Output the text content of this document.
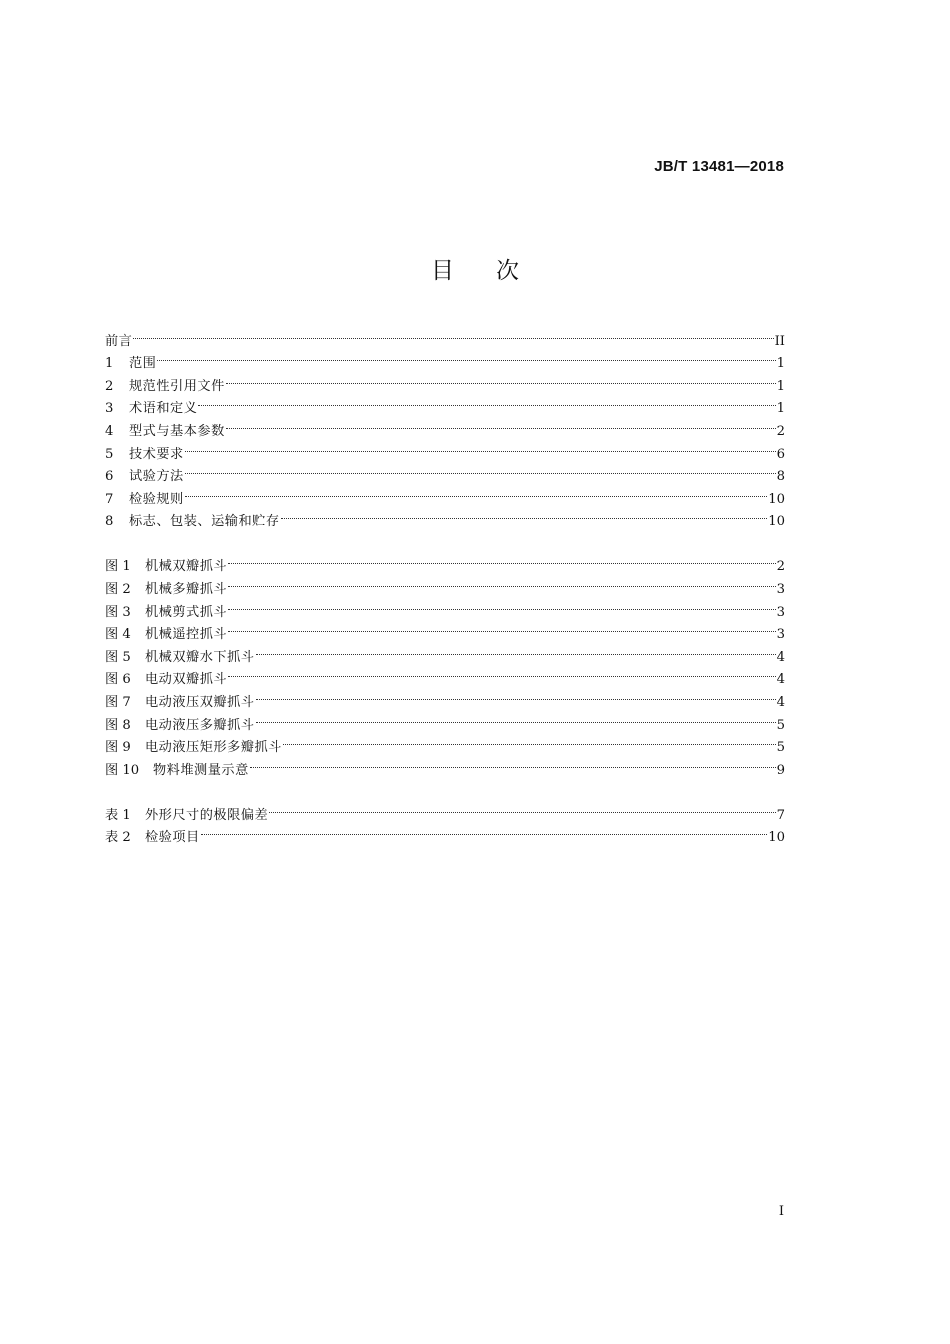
JB/T 13481—2018
目次
前言	II
1	范围	1
2	规范性引用文件	1
3	术语和定义	1
4	型式与基本参数	2
5	技术要求	6
6	试验方法	8
7	检验规则	10
8	标志、包装、运输和贮存	10
图 1	机械双瓣抓斗	2
图 2	机械多瓣抓斗	3
图 3	机械剪式抓斗	3
图 4	机械遥控抓斗	3
图 5	机械双瓣水下抓斗	4
图 6	电动双瓣抓斗	4
图 7	电动液压双瓣抓斗	4
图 8	电动液压多瓣抓斗	5
图 9	电动液压矩形多瓣抓斗	5
图 10	物料堆测量示意	9
表 1	外形尺寸的极限偏差	7
表 2	检验项目	10
I
